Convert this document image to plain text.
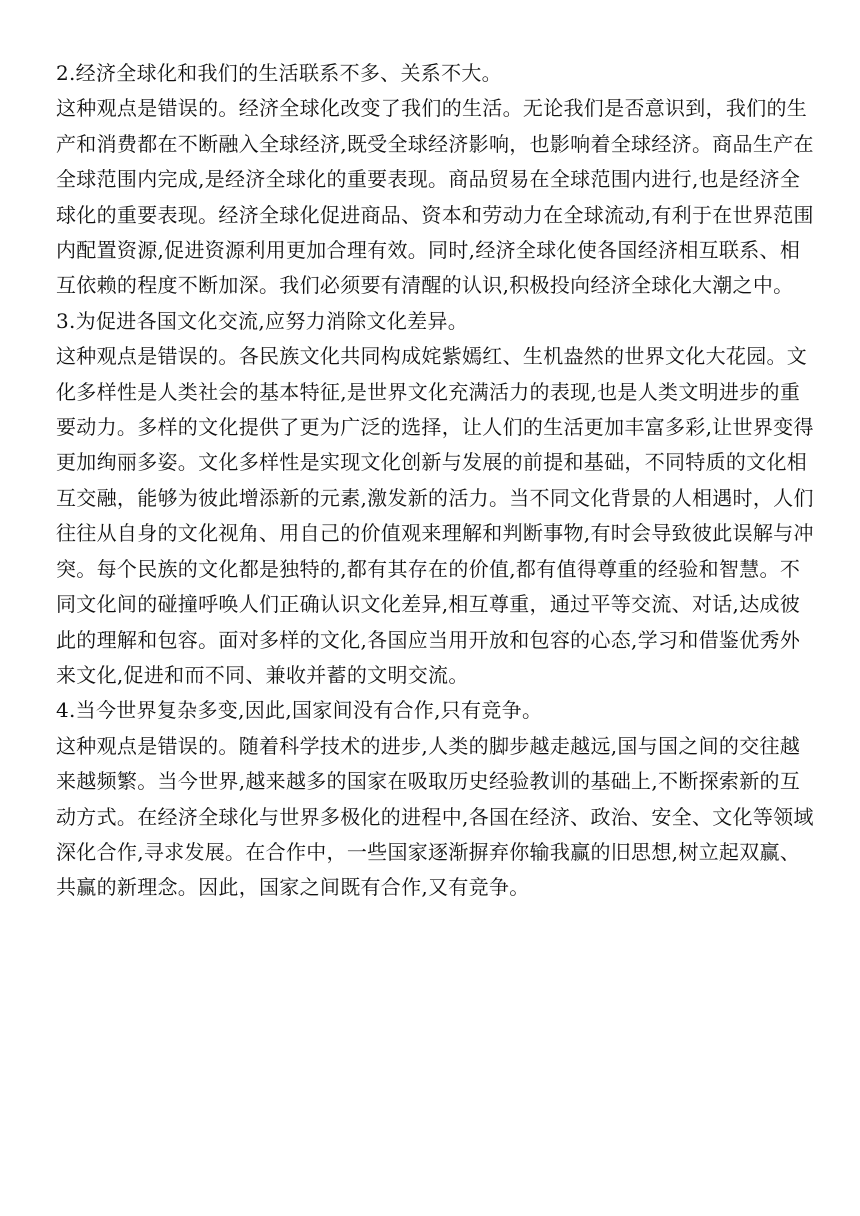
2.经济全球化和我们的生活联系不多、关系不大。
这种观点是错误的。经济全球化改变了我们的生活。无论我们是否意识到，我们的生
产和消费都在不断融入全球经济,既受全球经济影响，也影响着全球经济。商品生产在
全球范围内完成,是经济全球化的重要表现。商品贸易在全球范围内进行,也是经济全
球化的重要表现。经济全球化促进商品、资本和劳动力在全球流动,有利于在世界范围
内配置资源,促进资源利用更加合理有效。同时,经济全球化使各国经济相互联系、相
互依赖的程度不断加深。我们必须要有清醒的认识,积极投向经济全球化大潮之中。
3.为促进各国文化交流,应努力消除文化差异。
这种观点是错误的。各民族文化共同构成姹紫嫣红、生机盎然的世界文化大花园。文
化多样性是人类社会的基本特征,是世界文化充满活力的表现,也是人类文明进步的重
要动力。多样的文化提供了更为广泛的选择，让人们的生活更加丰富多彩,让世界变得
更加绚丽多姿。文化多样性是实现文化创新与发展的前提和基础，不同特质的文化相
互交融，能够为彼此增添新的元素,激发新的活力。当不同文化背景的人相遇时，人们
往往从自身的文化视角、用自己的价值观来理解和判断事物,有时会导致彼此误解与冲
突。每个民族的文化都是独特的,都有其存在的价值,都有值得尊重的经验和智慧。不
同文化间的碰撞呼唤人们正确认识文化差异,相互尊重，通过平等交流、对话,达成彼
此的理解和包容。面对多样的文化,各国应当用开放和包容的心态,学习和借鉴优秀外
来文化,促进和而不同、兼收并蓄的文明交流。
4.当今世界复杂多变,因此,国家间没有合作,只有竞争。
这种观点是错误的。随着科学技术的进步,人类的脚步越走越远,国与国之间的交往越
来越频繁。当今世界,越来越多的国家在吸取历史经验教训的基础上,不断探索新的互
动方式。在经济全球化与世界多极化的进程中,各国在经济、政治、安全、文化等领域
深化合作,寻求发展。在合作中，一些国家逐渐摒弃你输我赢的旧思想,树立起双赢、
共赢的新理念。因此，国家之间既有合作,又有竞争。
